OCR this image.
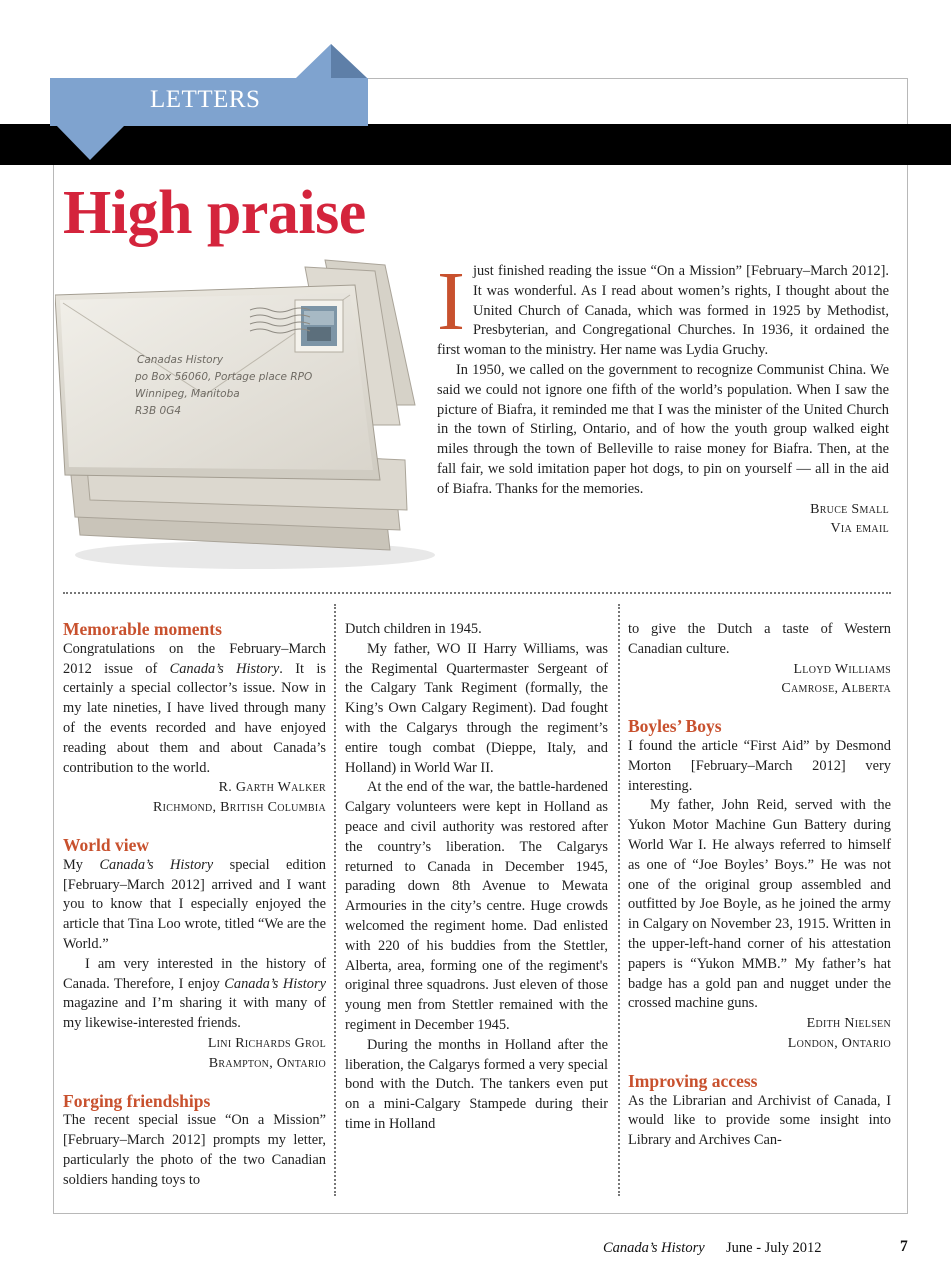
LETTERS
High praise
Canadas History
po Box 56060, Portage place RPO
Winnipeg, Manitoba
R3B 0G4

Ijust finished reading the issue “On a Mission” [February–March 2012]. It was wonderful. As I read about women’s rights, I thought about the United Church of Canada, which was formed in 1925 by Methodist, Presbyterian, and Congregational Churches. In 1936, it ordained the first woman to the ministry. Her name was Lydia Gruchy.

In 1950, we called on the government to recognize Communist China. We said we could not ignore one fifth of the world’s population. When I saw the picture of Biafra, it reminded me that I was the minister of the United Church in the town of Stirling, Ontario, and of how the youth group walked eight miles through the town of Belleville to raise money for Biafra. Then, at the fall fair, we sold imitation paper hot dogs, to pin on yourself — all in the aid of Biafra. Thanks for the memories.

Bruce Small
Via email
Memorable moments

Congratulations on the February–March 2012 issue of Canada’s History. It is certainly a special collector’s issue. Now in my late nineties, I have lived through many of the events recorded and have enjoyed reading about them and about Canada’s contribution to the world.

R. Garth Walker
Richmond, British Columbia
World view

My Canada’s History special edition [February–March 2012] arrived and I want you to know that I especially enjoyed the article that Tina Loo wrote, titled “We are the World.”

I am very interested in the history of Canada. Therefore, I enjoy Canada’s History magazine and I’m sharing it with many of my likewise-interested friends.

Lini Richards Grol
Brampton, Ontario
Forging friendships

The recent special issue “On a Mission” [February–March 2012] prompts my letter, particularly the photo of the two Canadian soldiers handing toys to

Dutch children in 1945.

My father, WO II Harry Williams, was the Regimental Quartermaster Sergeant of the Calgary Tank Regiment (formally, the King’s Own Calgary Regiment). Dad fought with the Calgarys through the regiment’s entire tough combat (Dieppe, Italy, and Holland) in World War II.

At the end of the war, the battle-hardened Calgary volunteers were kept in Holland as peace and civil authority was restored after the country’s liberation. The Calgarys returned to Canada in December 1945, parading down 8th Avenue to Mewata Armouries in the city’s centre. Huge crowds welcomed the regiment home. Dad enlisted with 220 of his buddies from the Stettler, Alberta, area, forming one of the regiment's original three squadrons. Just eleven of those young men from Stettler remained with the regiment in December 1945.

During the months in Holland after the liberation, the Calgarys formed a very special bond with the Dutch. The tankers even put on a mini-Calgary Stampede during their time in Holland

to give the Dutch a taste of Western Canadian culture.

Lloyd Williams
Camrose, Alberta
Boyles’ Boys

I found the article “First Aid” by Desmond Morton [February–March 2012] very interesting.

My father, John Reid, served with the Yukon Motor Machine Gun Battery during World War I. He always referred to himself as one of “Joe Boyles’ Boys.” He was not one of the original group assembled and outfitted by Joe Boyle, as he joined the army in Calgary on November 23, 1915. Written in the upper-left-hand corner of his attestation papers is “Yukon MMB.” My father’s hat badge has a gold pan and nugget under the crossed machine guns.

Edith Nielsen
London, Ontario
Improving access

As the Librarian and Archivist of Canada, I would like to provide some insight into Library and Archives Can-

Canada’s History June - July 2012	7
